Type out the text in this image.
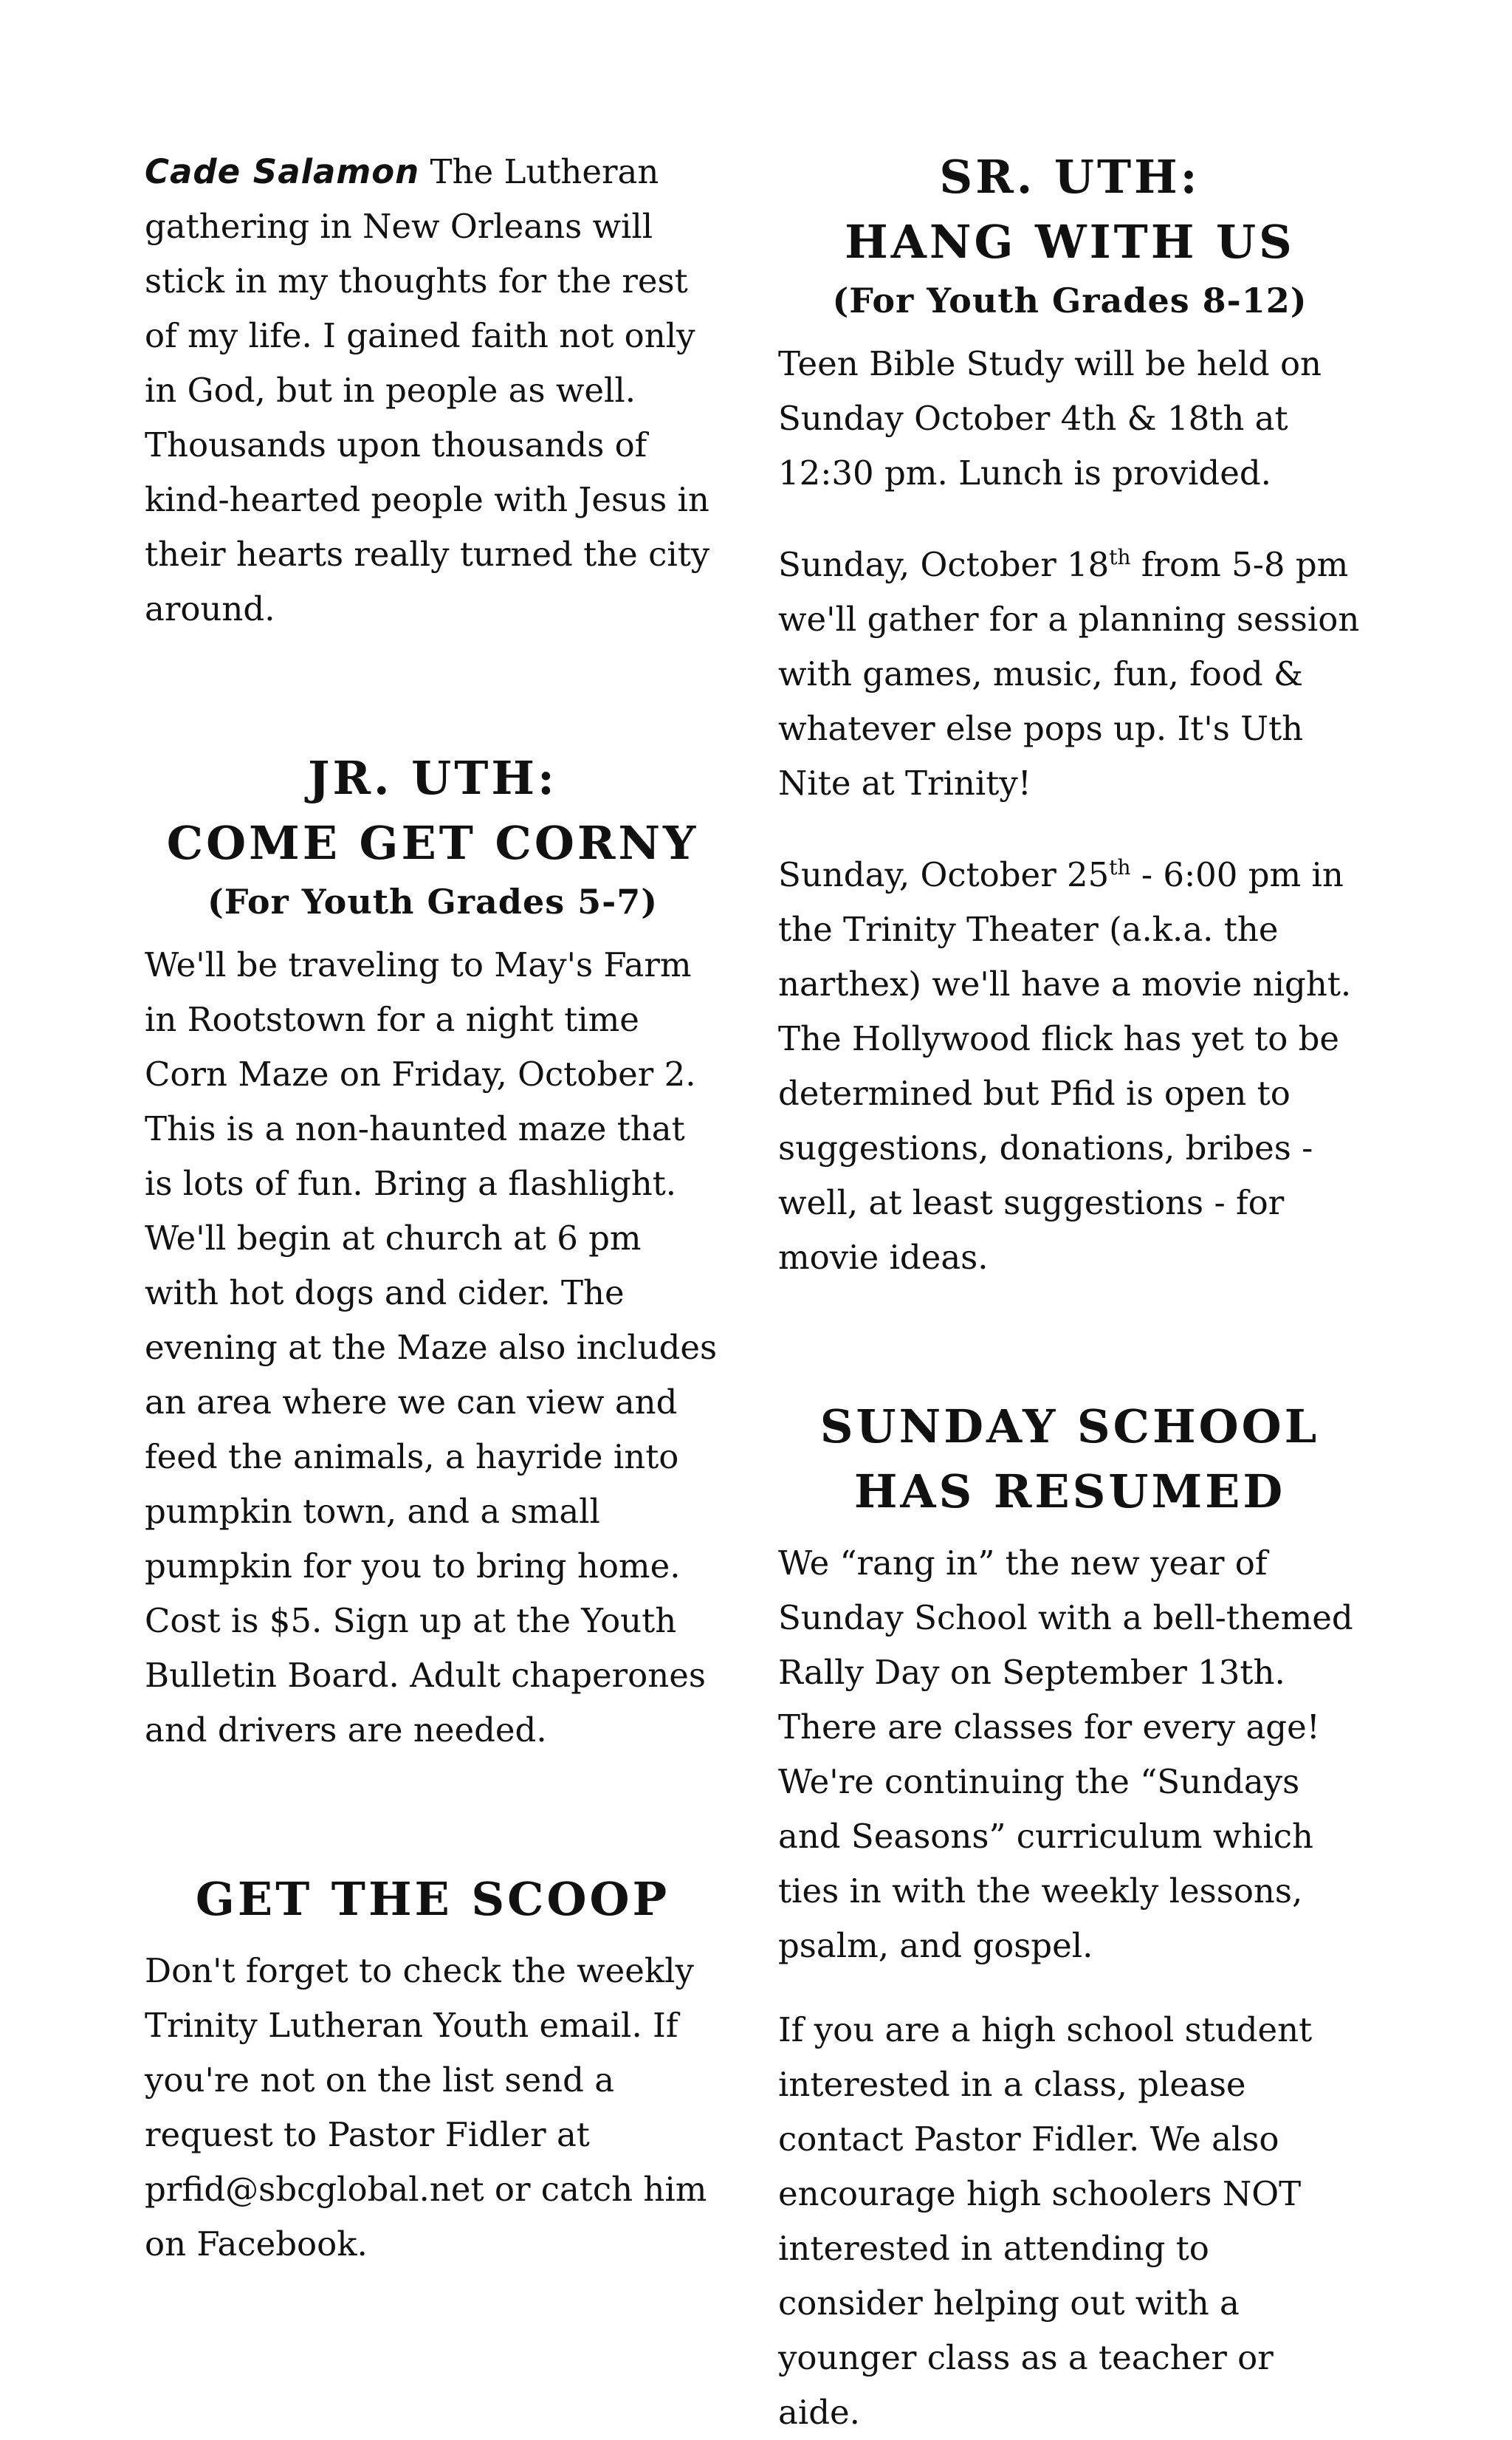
Cade Salamon The Lutheran gathering in New Orleans will stick in my thoughts for the rest of my life. I gained faith not only in God, but in people as well. Thousands upon thousands of kind-hearted people with Jesus in their hearts really turned the city around.

JR. UTH:
COME GET CORNY
(For Youth Grades 5-7)

We'll be traveling to May's Farm in Rootstown for a night time Corn Maze on Friday, October 2. This is a non-haunted maze that is lots of fun. Bring a flashlight. We'll begin at church at 6 pm with hot dogs and cider. The evening at the Maze also includes an area where we can view and feed the animals, a hayride into pumpkin town, and a small pumpkin for you to bring home. Cost is $5. Sign up at the Youth Bulletin Board. Adult chaperones and drivers are needed.

GET THE SCOOP

Don't forget to check the weekly Trinity Lutheran Youth email. If you're not on the list send a request to Pastor Fidler at prfid@sbcglobal.net or catch him on Facebook.

SR. UTH:
HANG WITH US
(For Youth Grades 8-12)

Teen Bible Study will be held on Sunday October 4th & 18th at 12:30 pm. Lunch is provided.

Sunday, October 18th from 5-8 pm we'll gather for a planning session with games, music, fun, food & whatever else pops up. It's Uth Nite at Trinity!

Sunday, October 25th - 6:00 pm in the Trinity Theater (a.k.a. the narthex) we'll have a movie night. The Hollywood flick has yet to be determined but Pfid is open to suggestions, donations, bribes - well, at least suggestions - for movie ideas.

SUNDAY SCHOOL
HAS RESUMED

We “rang in” the new year of Sunday School with a bell-themed Rally Day on September 13th. There are classes for every age! We're continuing the “Sundays and Seasons” curriculum which ties in with the weekly lessons, psalm, and gospel.

If you are a high school student interested in a class, please contact Pastor Fidler. We also encourage high schoolers NOT interested in attending to consider helping out with a younger class as a teacher or aide.
